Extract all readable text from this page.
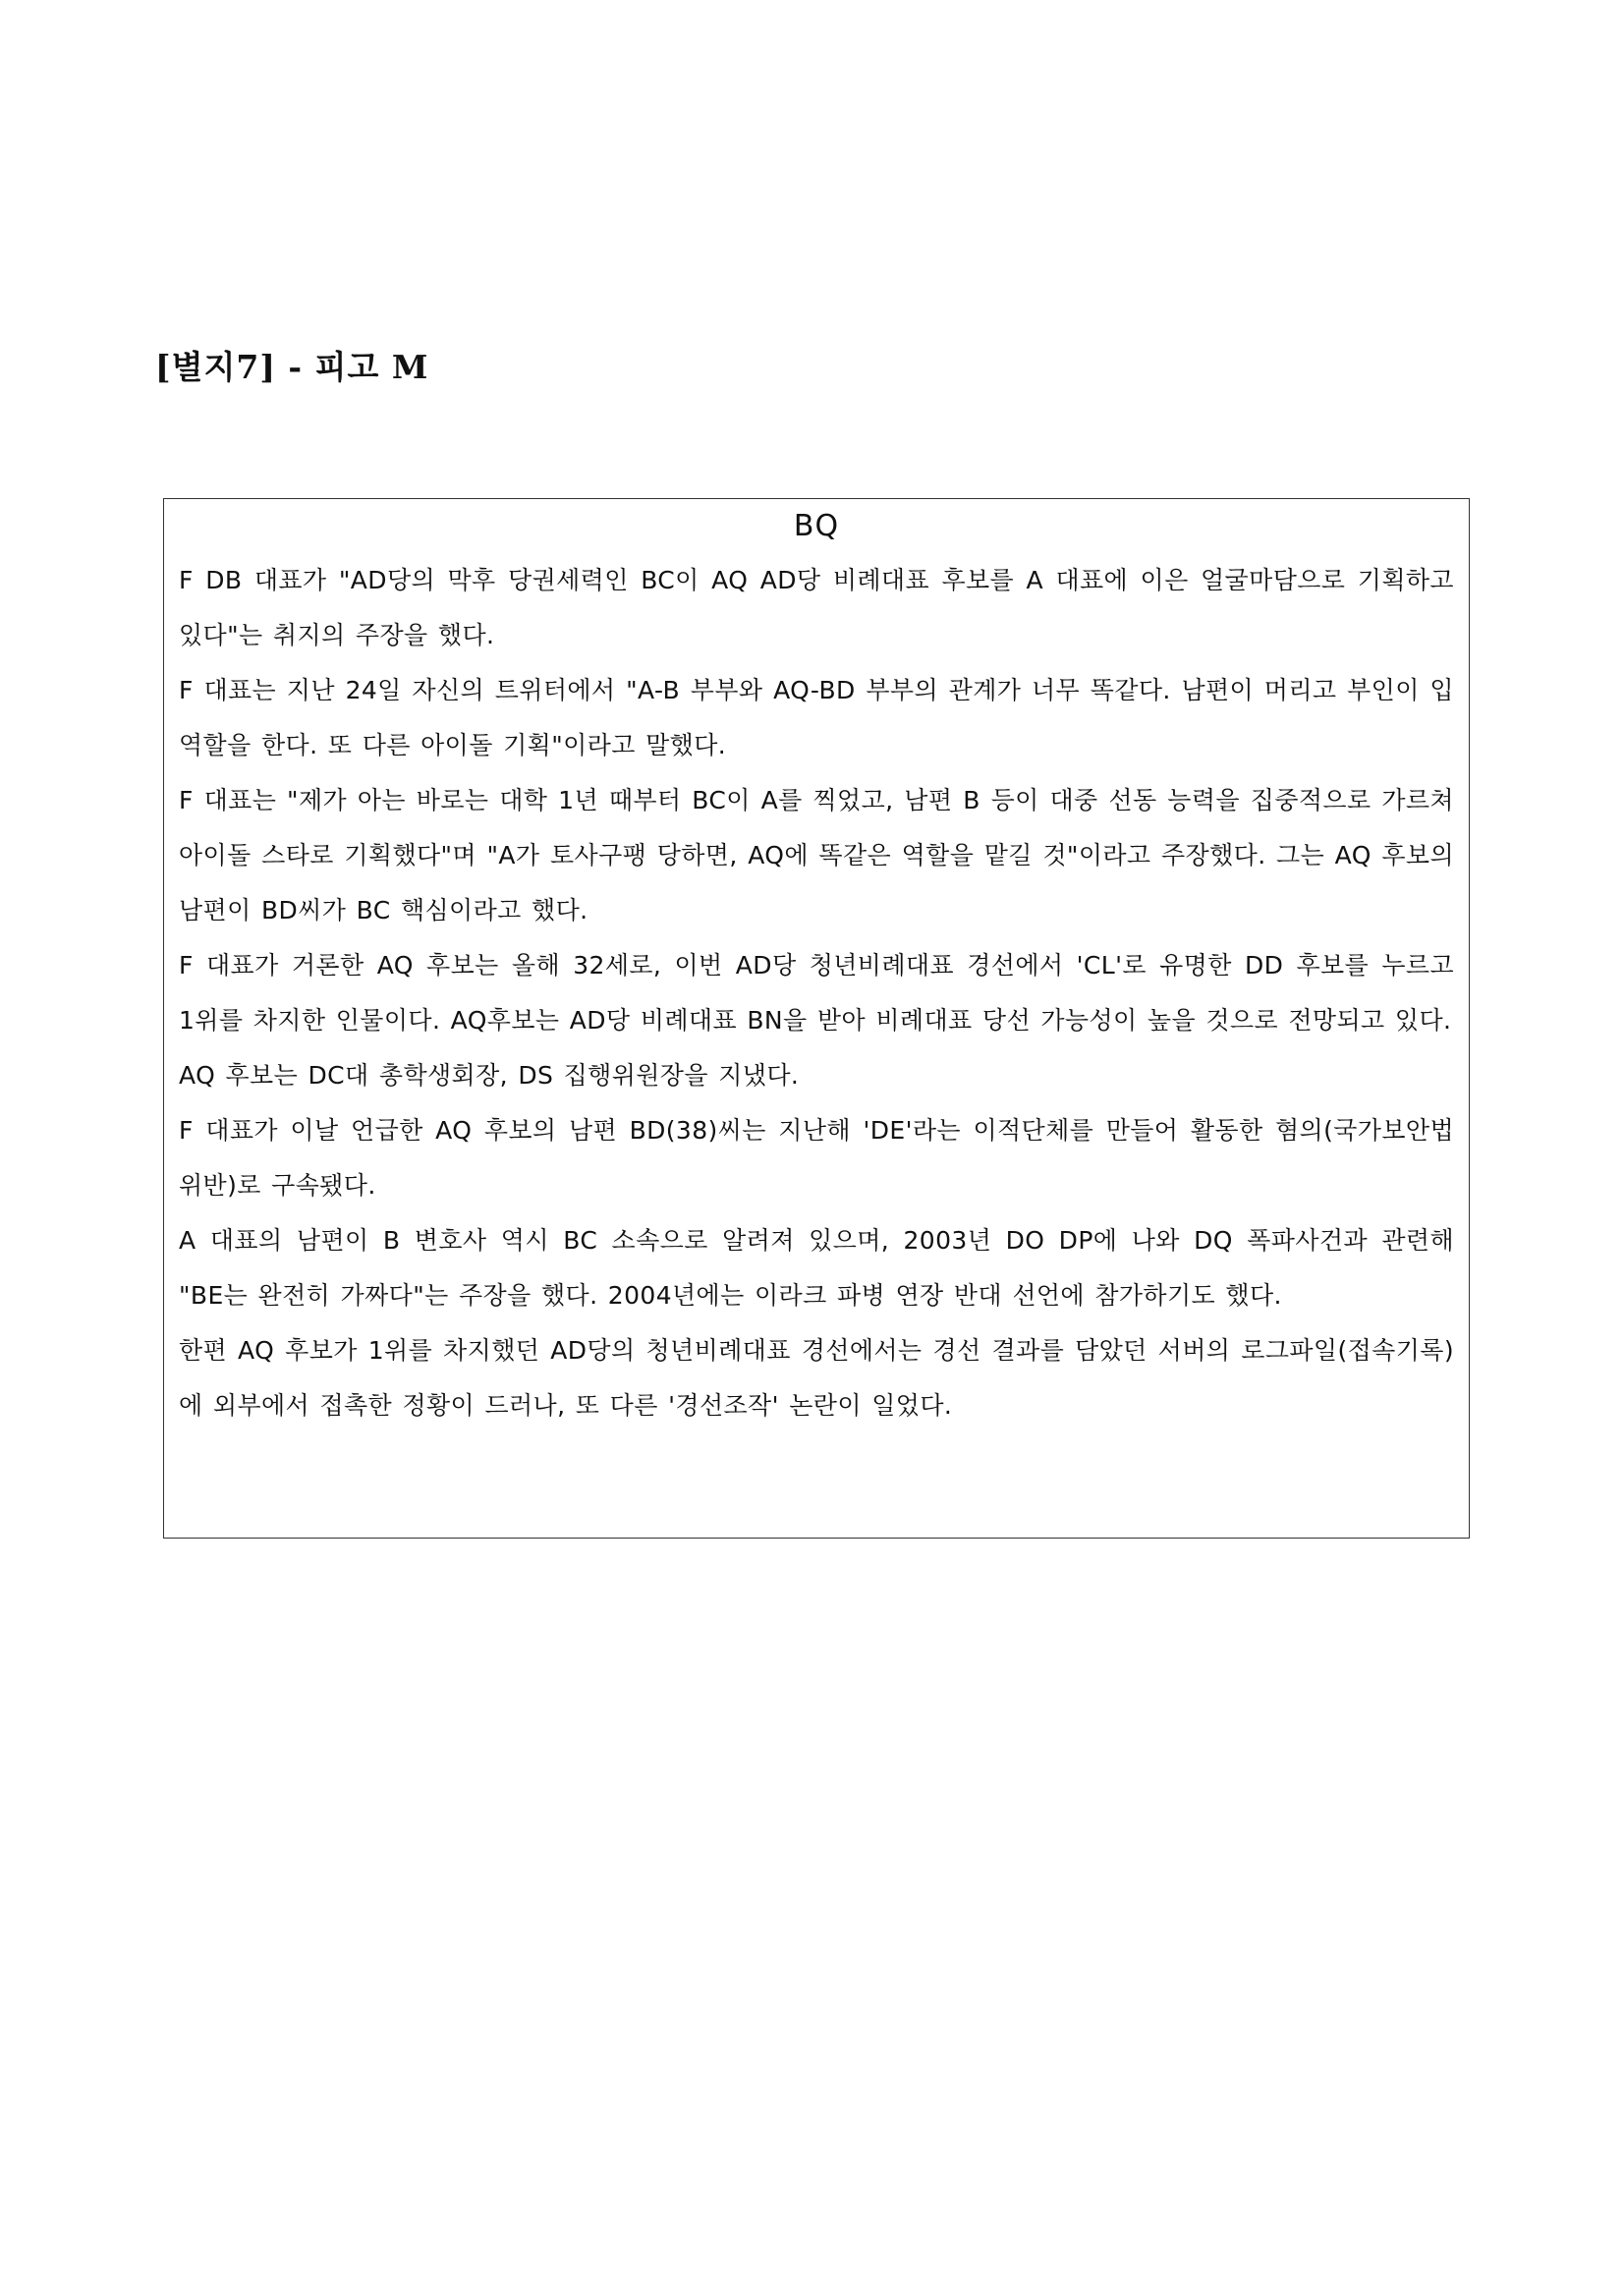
[별지7] - 피고 M
BQ

F DB 대표가 "AD당의 막후 당권세력인 BC이 AQ AD당 비례대표 후보를 A 대표에 이은 얼굴마담으로 기획하고 있다"는 취지의 주장을 했다.

F 대표는 지난 24일 자신의 트위터에서 "A-B 부부와 AQ-BD 부부의 관계가 너무 똑같다. 남편이 머리고 부인이 입 역할을 한다. 또 다른 아이돌 기획"이라고 말했다.

F 대표는 "제가 아는 바로는 대학 1년 때부터 BC이 A를 찍었고, 남편 B 등이 대중 선동 능력을 집중적으로 가르쳐 아이돌 스타로 기획했다"며 "A가 토사구팽 당하면, AQ에 똑같은 역할을 맡길 것"이라고 주장했다. 그는 AQ 후보의 남편이 BD씨가 BC 핵심이라고 했다.

F 대표가 거론한 AQ 후보는 올해 32세로, 이번 AD당 청년비례대표 경선에서 'CL'로 유명한 DD 후보를 누르고 1위를 차지한 인물이다. AQ후보는 AD당 비례대표 BN을 받아 비례대표 당선 가능성이 높을 것으로 전망되고 있다.

AQ 후보는 DC대 총학생회장, DS 집행위원장을 지냈다.

F 대표가 이날 언급한 AQ 후보의 남편 BD(38)씨는 지난해 'DE'라는 이적단체를 만들어 활동한 혐의(국가보안법 위반)로 구속됐다.

A 대표의 남편이 B 변호사 역시 BC 소속으로 알려져 있으며, 2003년 DO DP에 나와 DQ 폭파사건과 관련해 "BE는 완전히 가짜다"는 주장을 했다. 2004년에는 이라크 파병 연장 반대 선언에 참가하기도 했다.

한편 AQ 후보가 1위를 차지했던 AD당의 청년비례대표 경선에서는 경선 결과를 담았던 서버의 로그파일(접속기록)에 외부에서 접촉한 정황이 드러나, 또 다른 '경선조작' 논란이 일었다.
